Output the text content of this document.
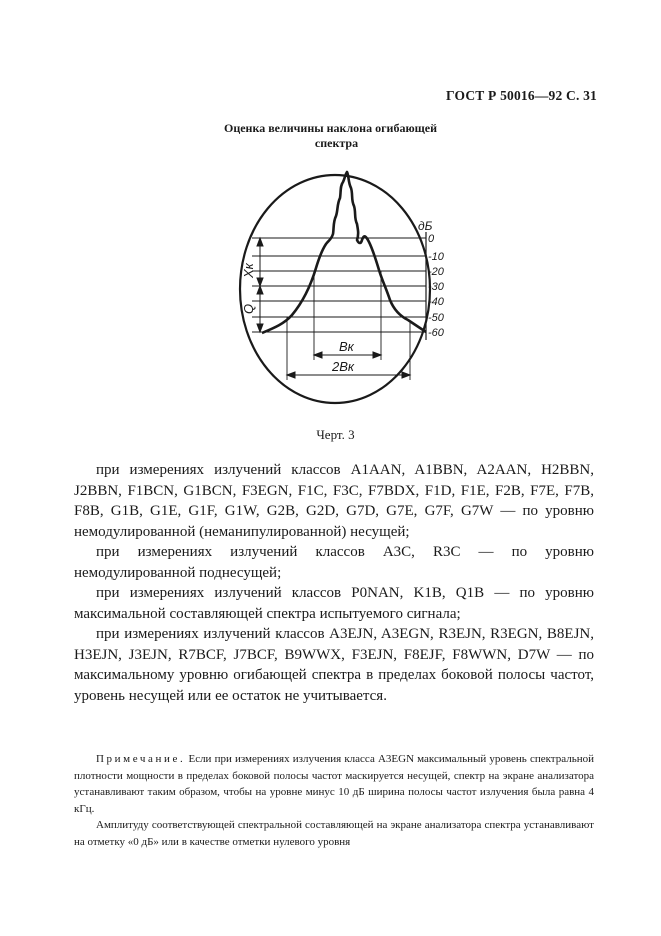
ГОСТ Р 50016—92 С. 31
Оценка величины наклона огибающей
спектра
Xк
Q
Bк
2Bк
дБ
0
-10
-20
-30
-40
-50
-60
Черт. 3

при измерениях излучений классов A1AAN, A1BBN, A2AAN, H2BBN, J2BBN, F1BCN, G1BCN, F3EGN, F1C, F3C, F7BDX, F1D, F1E, F2B, F7E, F7B, F8B, G1B, G1E, G1F, G1W, G2B, G2D, G7D, G7E, G7F, G7W — по уровню немодулированной (неманипулированной) несущей;

при измерениях излучений классов A3C, R3C — по уровню немодулированной поднесущей;

при измерениях излучений классов P0NAN, K1B, Q1B — по уровню максимальной составляющей спектра испытуемого сигнала;

при измерениях излучений классов A3EJN, A3EGN, R3EJN, R3EGN, B8EJN, H3EJN, J3EJN, R7BCF, J7BCF, B9WWX, F3EJN, F8EJF, F8WWN, D7W — по максимальному уровню огибающей спектра в пределах боковой полосы частот, уровень несущей или ее остаток не учитывается.

Примечание. Если при измерениях излучения класса A3EGN максимальный уровень спектральной плотности мощности в пределах боковой полосы частот маскируется несущей, спектр на экране анализатора устанавливают таким образом, чтобы на уровне минус 10 дБ ширина полосы частот излучения была равна 4 кГц.

Амплитуду соответствующей спектральной составляющей на экране анализатора спектра устанавливают на отметку «0 дБ» или в качестве отметки нулевого уровня
